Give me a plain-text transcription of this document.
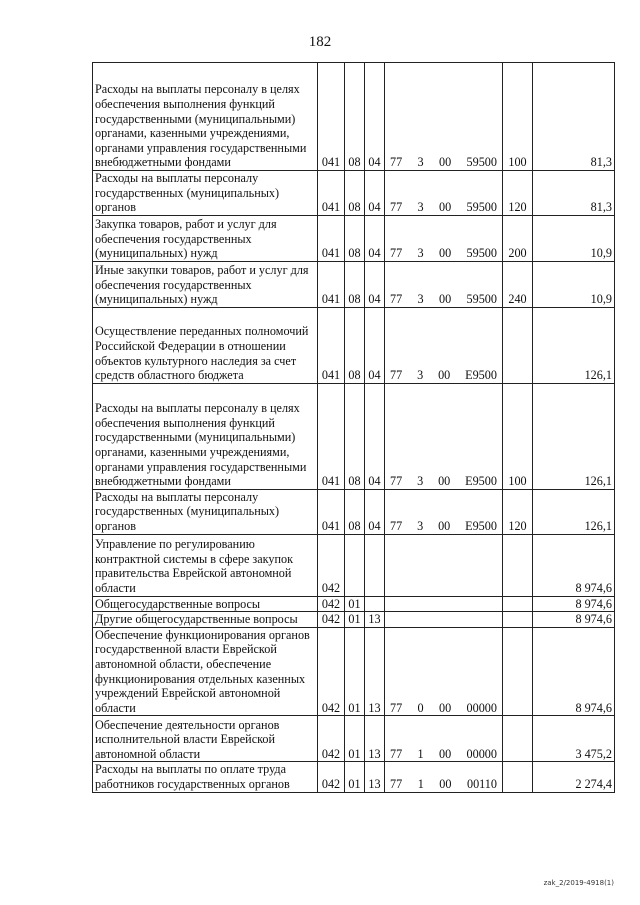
182
Расходы на выплаты персоналу в целях обеспечения выполнения функций государственными (муниципальными) органами, казенными учреждениями, органами управления государственными внебюджетными фондами	041	08	04	77 3 00 59500	100	81,3

Расходы на выплаты персоналу государственных (муниципальных) органов	041	08	04	77 3 00 59500	120	81,3

Закупка товаров, работ и услуг для обеспечения государственных (муниципальных) нужд	041	08	04	77 3 00 59500	200	10,9

Иные закупки товаров, работ и услуг для обеспечения государственных (муниципальных) нужд	041	08	04	77 3 00 59500	240	10,9

Осуществление переданных полномочий Российской Федерации в отношении объектов культурного наследия за счет средств областного бюджета	041	08	04	77 3 00 E9500		126,1

Расходы на выплаты персоналу в целях обеспечения выполнения функций государственными (муниципальными) органами, казенными учреждениями, органами управления государственными внебюджетными фондами	041	08	04	77 3 00 E9500	100	126,1

Расходы на выплаты персоналу государственных (муниципальных) органов	041	08	04	77 3 00 E9500	120	126,1

Управление по регулированию контрактной системы в сфере закупок правительства Еврейской автономной области	042					8 974,6

Общегосударственные вопросы	042	01				8 974,6

Другие общегосударственные вопросы	042	01	13			8 974,6

Обеспечение функционирования органов государственной власти Еврейской автономной области, обеспечение функционирования отдельных казенных учреждений Еврейской автономной области	042	01	13	77 0 00 00000		8 974,6

Обеспечение деятельности органов исполнительной власти Еврейской автономной области	042	01	13	77 1 00 00000		3 475,2

Расходы на выплаты по оплате труда работников государственных органов	042	01	13	77 1 00 00110		2 274,4
zak_2/2019-4918(1)
